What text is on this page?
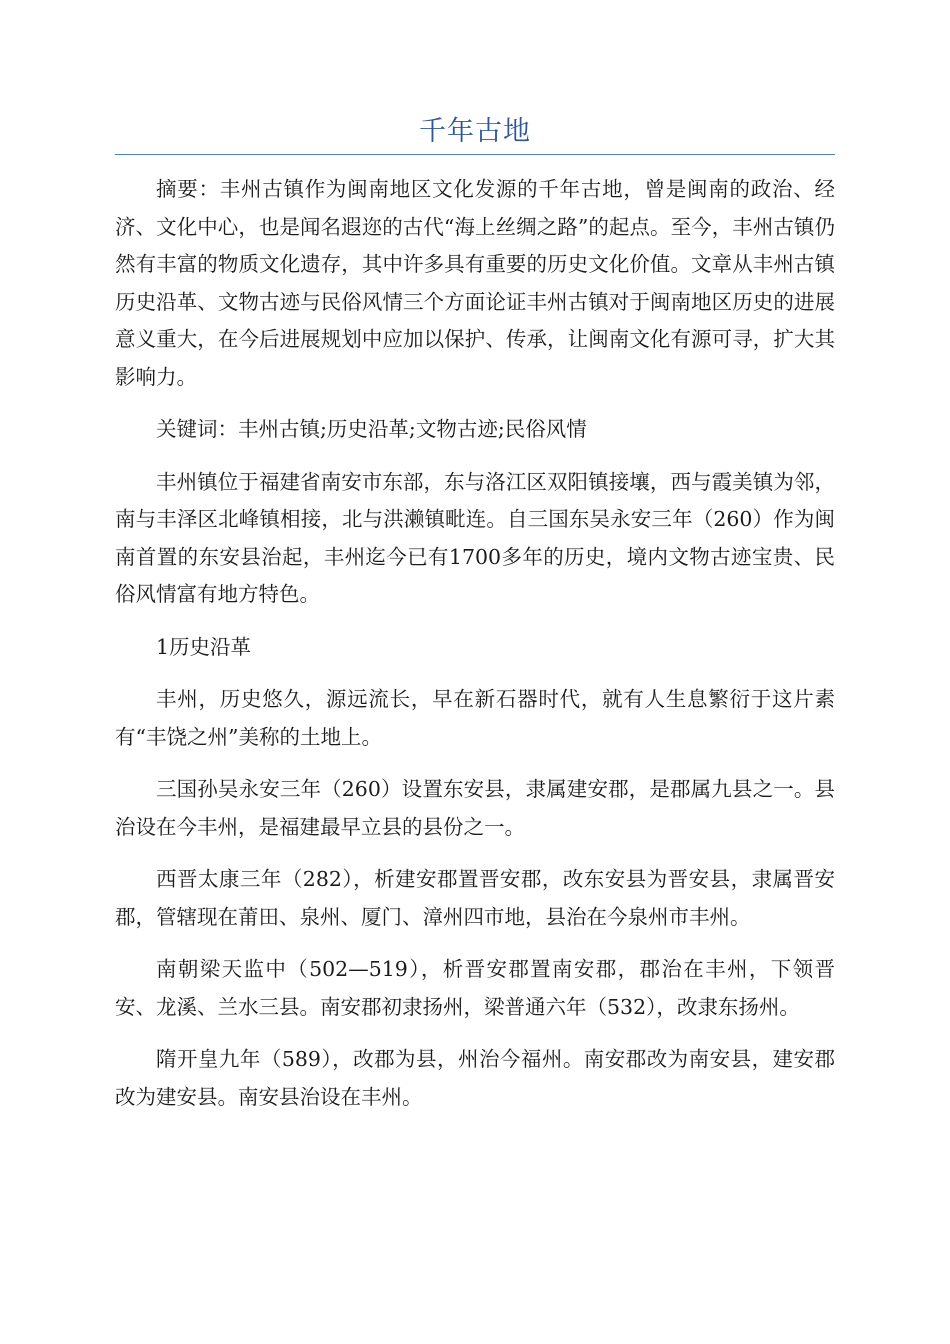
千年古地

摘要：丰州古镇作为闽南地区文化发源的千年古地，曾是闽南的政治、经济、文化中心，也是闻名遐迩的古代“海上丝绸之路”的起点。至今，丰州古镇仍然有丰富的物质文化遗存，其中许多具有重要的历史文化价值。文章从丰州古镇历史沿革、文物古迹与民俗风情三个方面论证丰州古镇对于闽南地区历史的进展意义重大，在今后进展规划中应加以保护、传承，让闽南文化有源可寻，扩大其影响力。

关键词：丰州古镇;历史沿革;文物古迹;民俗风情

丰州镇位于福建省南安市东部，东与洛江区双阳镇接壤，西与霞美镇为邻，南与丰泽区北峰镇相接，北与洪濑镇毗连。自三国东吴永安三年（260）作为闽南首置的东安县治起，丰州迄今已有1700多年的历史，境内文物古迹宝贵、民俗风情富有地方特色。

1历史沿革

丰州，历史悠久，源远流长，早在新石器时代，就有人生息繁衍于这片素有“丰饶之州”美称的土地上。

三国孙吴永安三年（260）设置东安县，隶属建安郡，是郡属九县之一。县治设在今丰州，是福建最早立县的县份之一。

西晋太康三年（282），析建安郡置晋安郡，改东安县为晋安县，隶属晋安郡，管辖现在莆田、泉州、厦门、漳州四市地，县治在今泉州市丰州。

南朝梁天监中（502—519），析晋安郡置南安郡，郡治在丰州，下领晋安、龙溪、兰水三县。南安郡初隶扬州，梁普通六年（532），改隶东扬州。

隋开皇九年（589），改郡为县，州治今福州。南安郡改为南安县，建安郡改为建安县。南安县治设在丰州。
